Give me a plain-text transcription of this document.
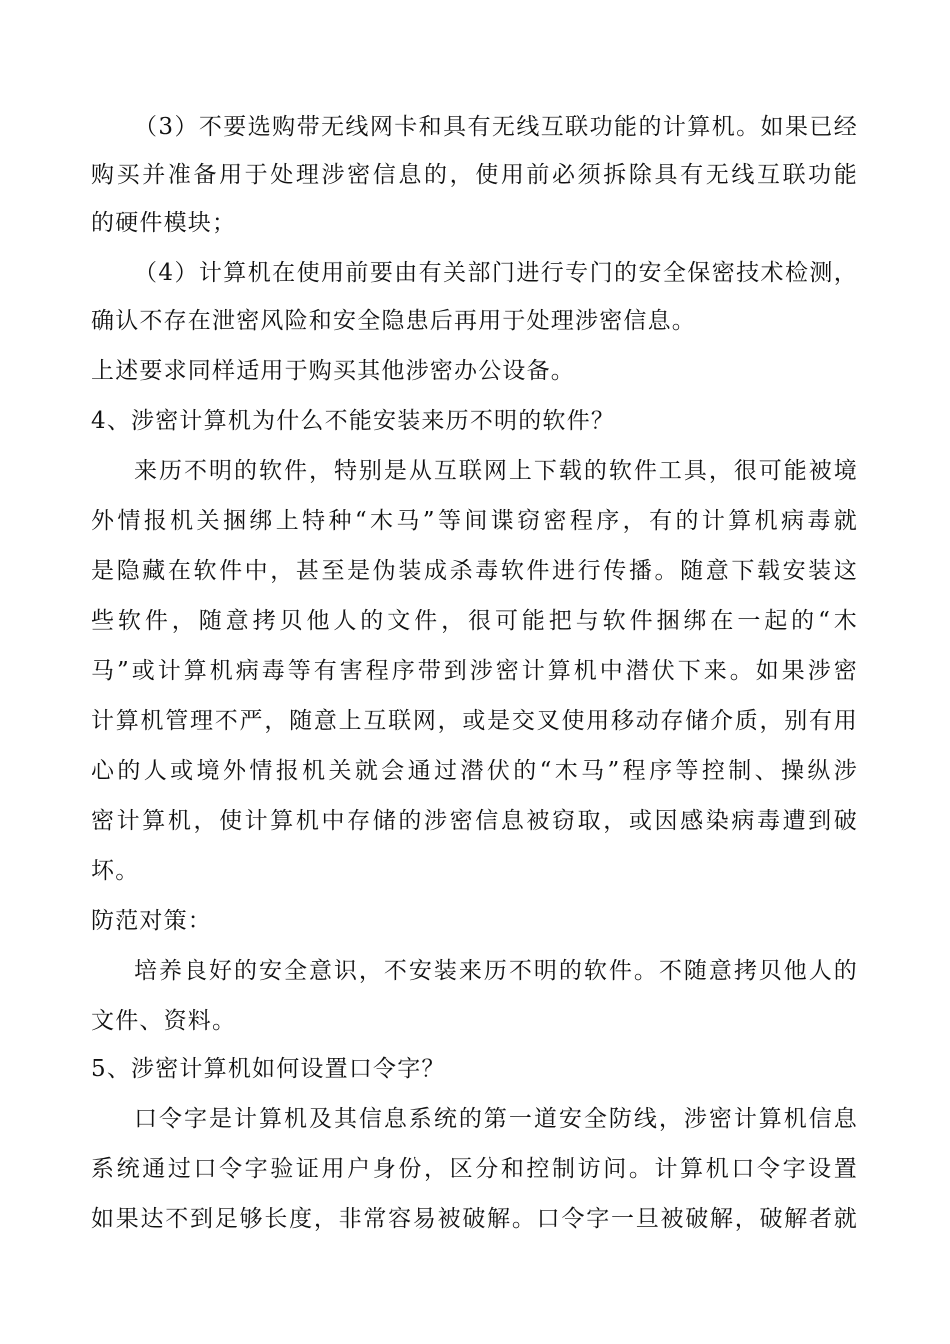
（3）不要选购带无线网卡和具有无线互联功能的计算机。如果已经
购买并准备用于处理涉密信息的，使用前必须拆除具有无线互联功能
的硬件模块；
（4）计算机在使用前要由有关部门进行专门的安全保密技术检测，
确认不存在泄密风险和安全隐患后再用于处理涉密信息。
上述要求同样适用于购买其他涉密办公设备。
4、涉密计算机为什么不能安装来历不明的软件？
来历不明的软件，特别是从互联网上下载的软件工具，很可能被境
外情报机关捆绑上特种“木马”等间谍窃密程序，有的计算机病毒就
是隐藏在软件中，甚至是伪装成杀毒软件进行传播。随意下载安装这
些软件，随意拷贝他人的文件，很可能把与软件捆绑在一起的“木
马”或计算机病毒等有害程序带到涉密计算机中潜伏下来。如果涉密
计算机管理不严，随意上互联网，或是交叉使用移动存储介质，别有用
心的人或境外情报机关就会通过潜伏的“木马”程序等控制、操纵涉
密计算机，使计算机中存储的涉密信息被窃取，或因感染病毒遭到破
坏。
防范对策：
培养良好的安全意识，不安装来历不明的软件。不随意拷贝他人的
文件、资料。
5、涉密计算机如何设置口令字？
口令字是计算机及其信息系统的第一道安全防线，涉密计算机信息
系统通过口令字验证用户身份，区分和控制访问。计算机口令字设置
如果达不到足够长度，非常容易被破解。口令字一旦被破解，破解者就
